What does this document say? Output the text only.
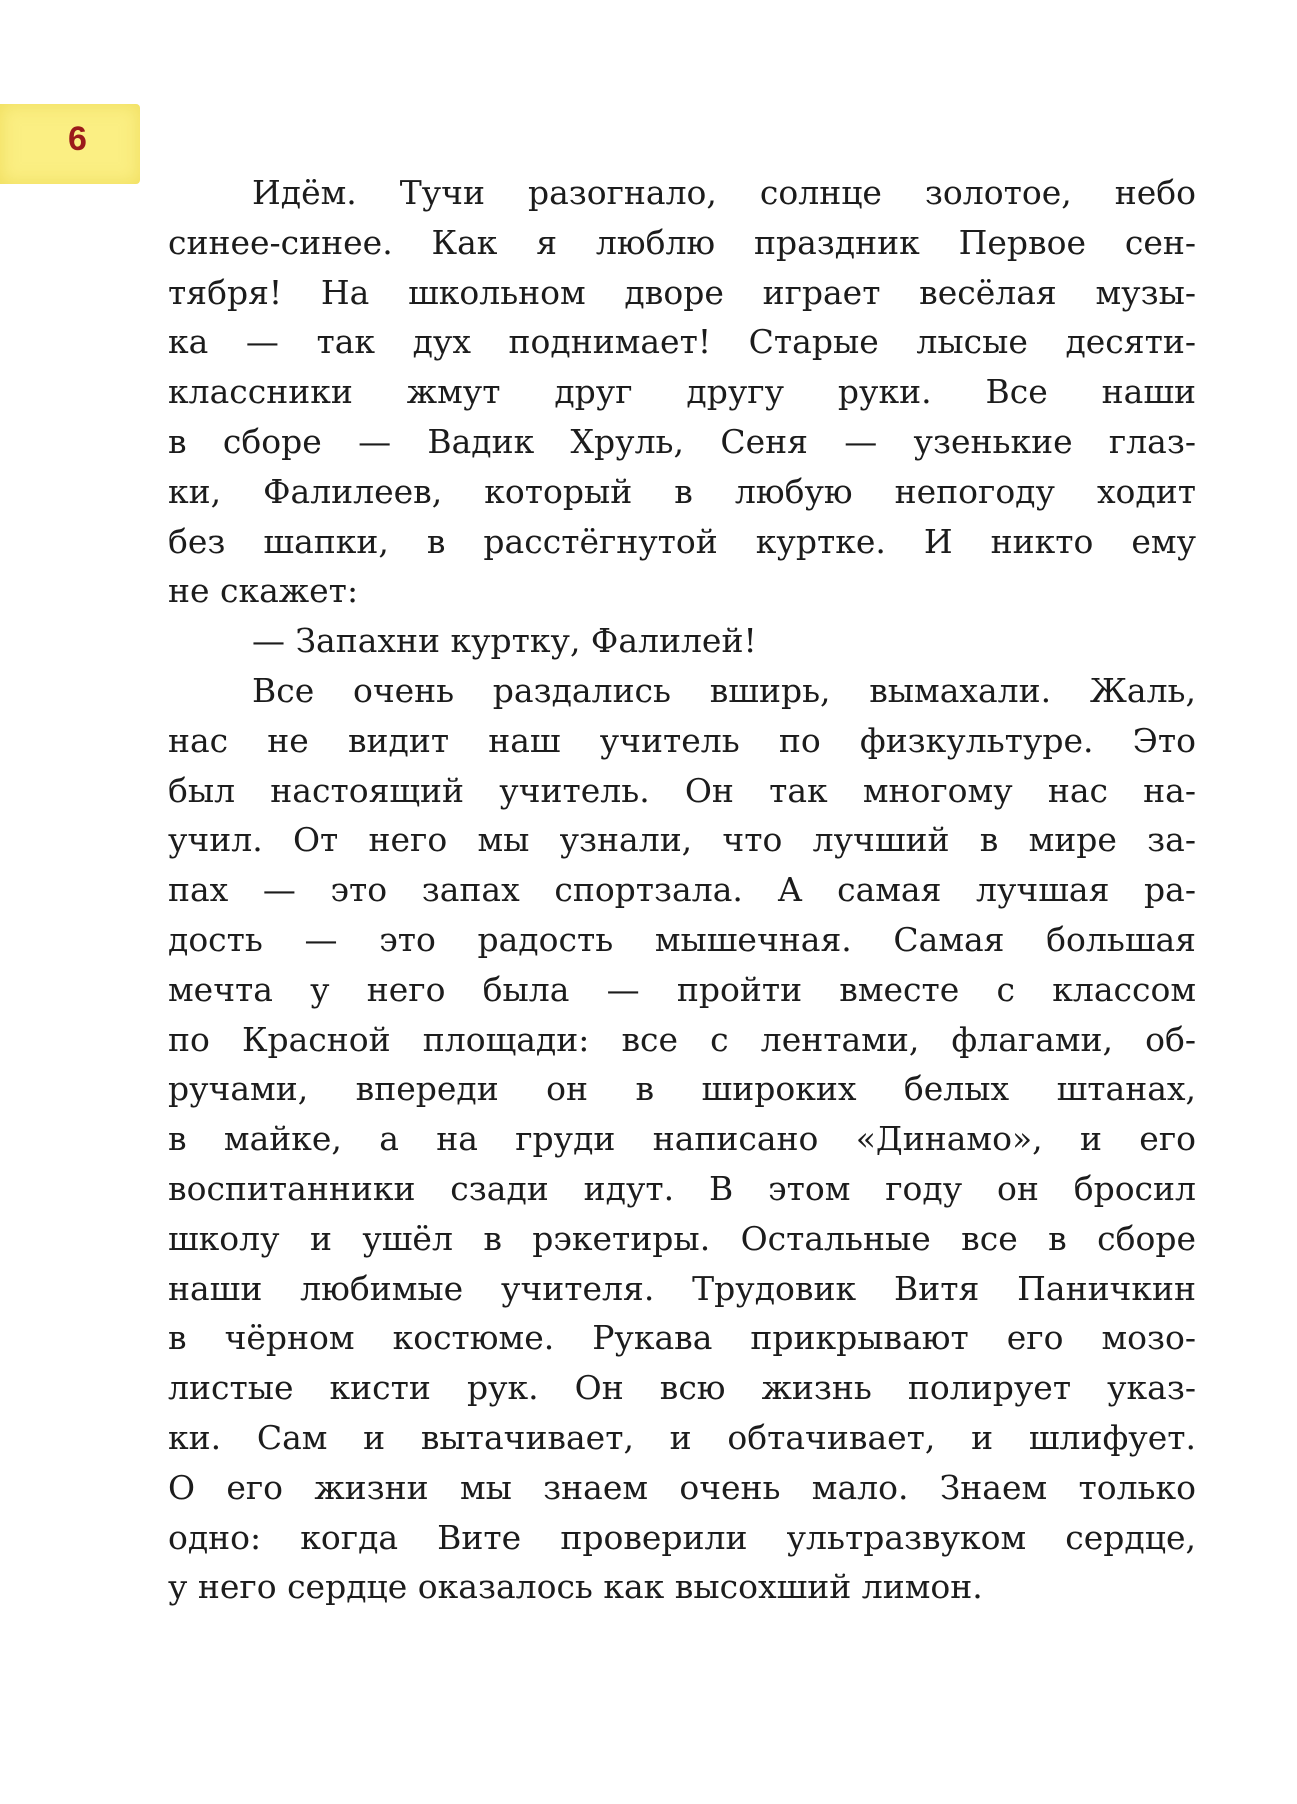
6
Идём. Тучи разогнало, солнце золотое, небо
синее-синее. Как я люблю праздник Первое сен-
тября! На школьном дворе играет весёлая музы-
ка — так дух поднимает! Старые лысые десяти-
классники жмут друг другу руки. Все наши
в сборе — Вадик Хруль, Сеня — узенькие глаз-
ки, Фалилеев, который в любую непогоду ходит
без шапки, в расстёгнутой куртке. И никто ему
не скажет:
— Запахни куртку, Фалилей!
Все очень раздались вширь, вымахали. Жаль,
нас не видит наш учитель по физкультуре. Это
был настоящий учитель. Он так многому нас на-
учил. От него мы узнали, что лучший в мире за-
пах — это запах спортзала. А самая лучшая ра-
дость — это радость мышечная. Самая большая
мечта у него была — пройти вместе с классом
по Красной площади: все с лентами, флагами, об-
ручами, впереди он в широких белых штанах,
в майке, а на груди написано «Динамо», и его
воспитанники сзади идут. В этом году он бросил
школу и ушёл в рэкетиры. Остальные все в сборе
наши любимые учителя. Трудовик Витя Паничкин
в чёрном костюме. Рукава прикрывают его мозо-
листые кисти рук. Он всю жизнь полирует указ-
ки. Сам и вытачивает, и обтачивает, и шлифует.
О его жизни мы знаем очень мало. Знаем только
одно: когда Вите проверили ультразвуком сердце,
у него сердце оказалось как высохший лимон.
